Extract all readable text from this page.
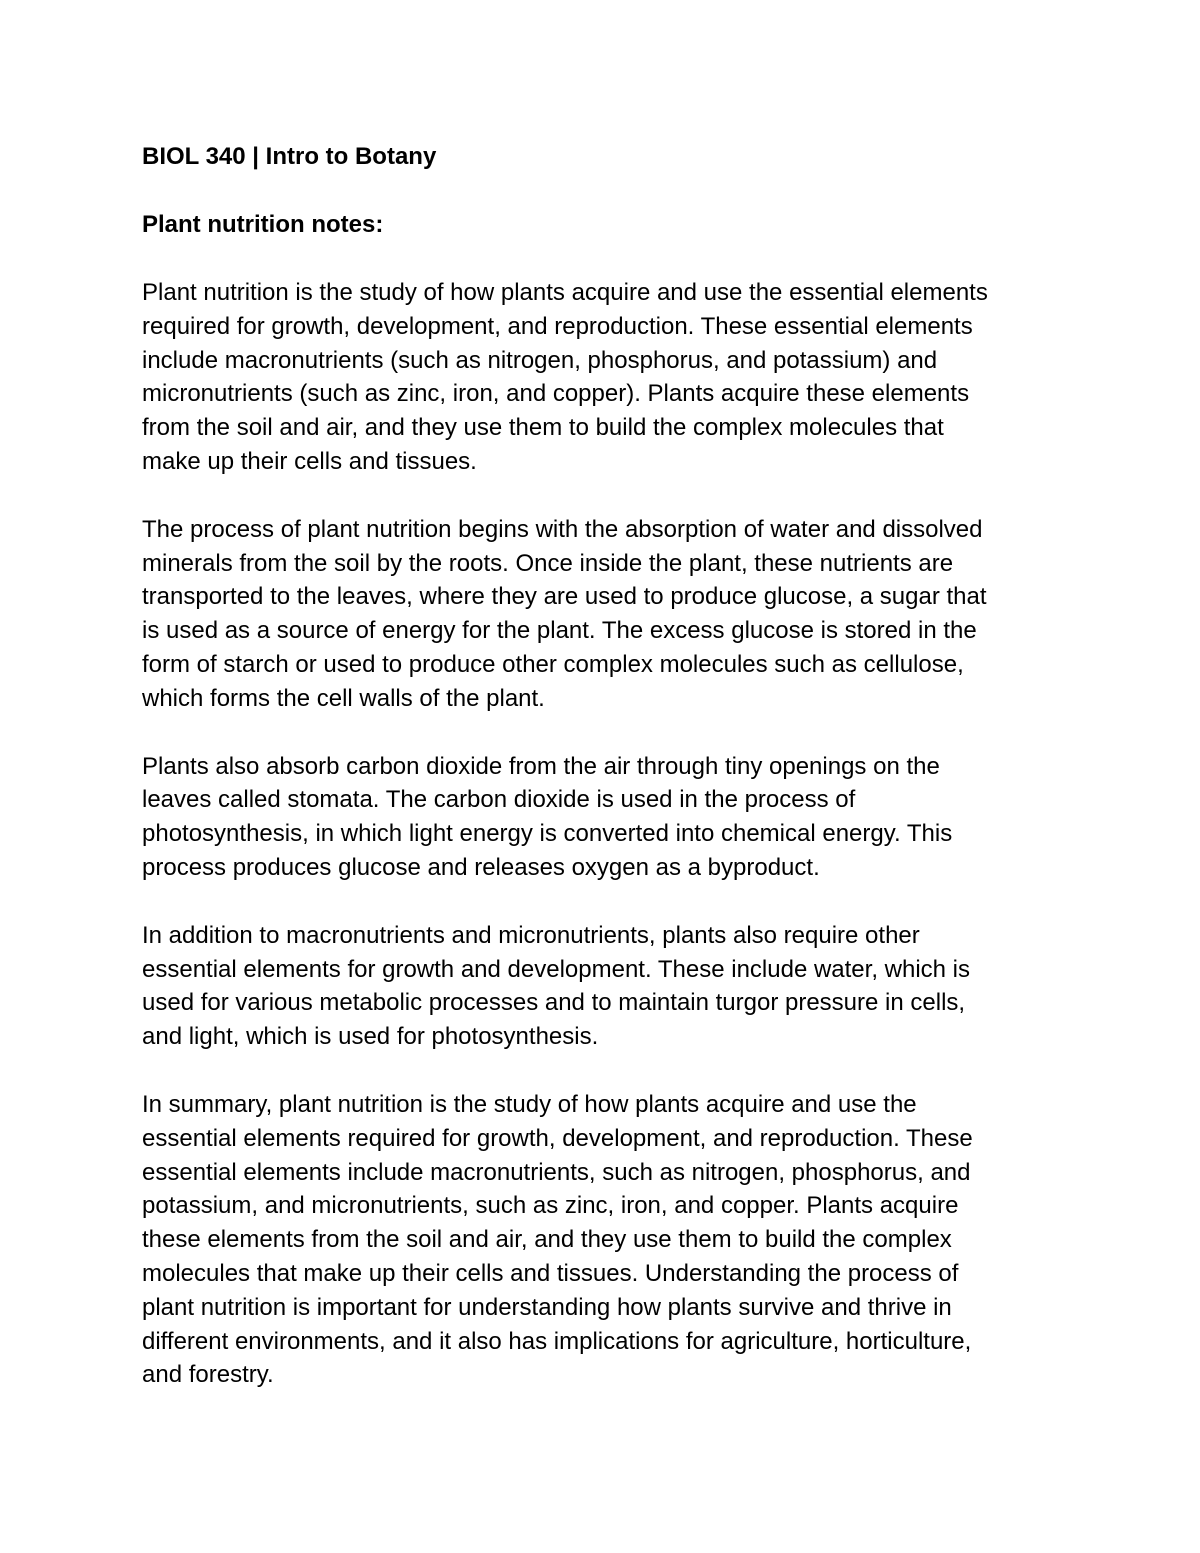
BIOL 340 | Intro to Botany
Plant nutrition notes:
Plant nutrition is the study of how plants acquire and use the essential elements
required for growth, development, and reproduction. These essential elements
include macronutrients (such as nitrogen, phosphorus, and potassium) and
micronutrients (such as zinc, iron, and copper). Plants acquire these elements
from the soil and air, and they use them to build the complex molecules that
make up their cells and tissues.
The process of plant nutrition begins with the absorption of water and dissolved
minerals from the soil by the roots. Once inside the plant, these nutrients are
transported to the leaves, where they are used to produce glucose, a sugar that
is used as a source of energy for the plant. The excess glucose is stored in the
form of starch or used to produce other complex molecules such as cellulose,
which forms the cell walls of the plant.
Plants also absorb carbon dioxide from the air through tiny openings on the
leaves called stomata. The carbon dioxide is used in the process of
photosynthesis, in which light energy is converted into chemical energy. This
process produces glucose and releases oxygen as a byproduct.
In addition to macronutrients and micronutrients, plants also require other
essential elements for growth and development. These include water, which is
used for various metabolic processes and to maintain turgor pressure in cells,
and light, which is used for photosynthesis.
In summary, plant nutrition is the study of how plants acquire and use the
essential elements required for growth, development, and reproduction. These
essential elements include macronutrients, such as nitrogen, phosphorus, and
potassium, and micronutrients, such as zinc, iron, and copper. Plants acquire
these elements from the soil and air, and they use them to build the complex
molecules that make up their cells and tissues. Understanding the process of
plant nutrition is important for understanding how plants survive and thrive in
different environments, and it also has implications for agriculture, horticulture,
and forestry.
